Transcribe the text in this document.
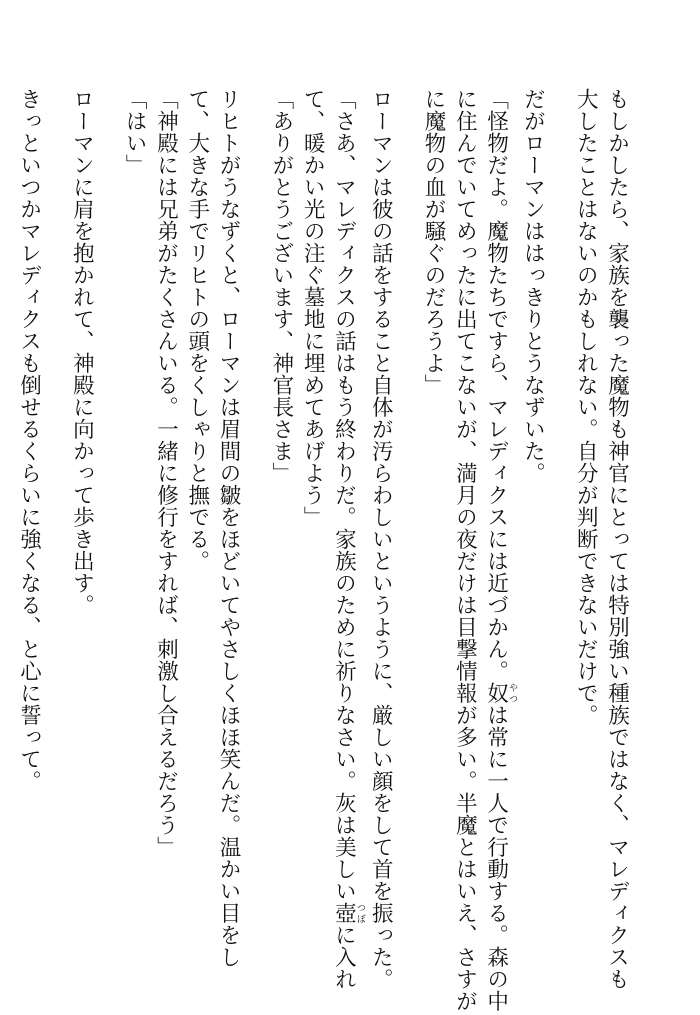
もしかしたら、家族を襲った魔物も神官にとっては特別強い種族ではなく、マレディクスも
大したことはないのかもしれない。自分が判断できないだけで。
だがローマンははっきりとうなずいた。
「怪物だよ。魔物たちですら、マレディクスには近づかん。奴やつは常に一人で行動する。森の中
に住んでいてめったに出てこないが、満月の夜だけは目撃情報が多い。半魔とはいえ、さすが
に魔物の血が騒ぐのだろうよ」
ローマンは彼の話をすること自体が汚らわしいというように、厳しい顔をして首を振った。
「さあ、マレディクスの話はもう終わりだ。家族のために祈りなさい。灰は美しい壺つぼに入れ
て、暖かい光の注ぐ墓地に埋めてあげよう」
「ありがとうございます、神官長さま」
リヒトがうなずくと、ローマンは眉間の皺をほどいてやさしくほほ笑んだ。温かい目をし
て、大きな手でリヒトの頭をくしゃりと撫でる。
「神殿には兄弟がたくさんいる。一緒に修行をすれば、刺激し合えるだろう」
「はい」
ローマンに肩を抱かれて、神殿に向かって歩き出す。
きっといつかマレディクスも倒せるくらいに強くなる、と心に誓って。
